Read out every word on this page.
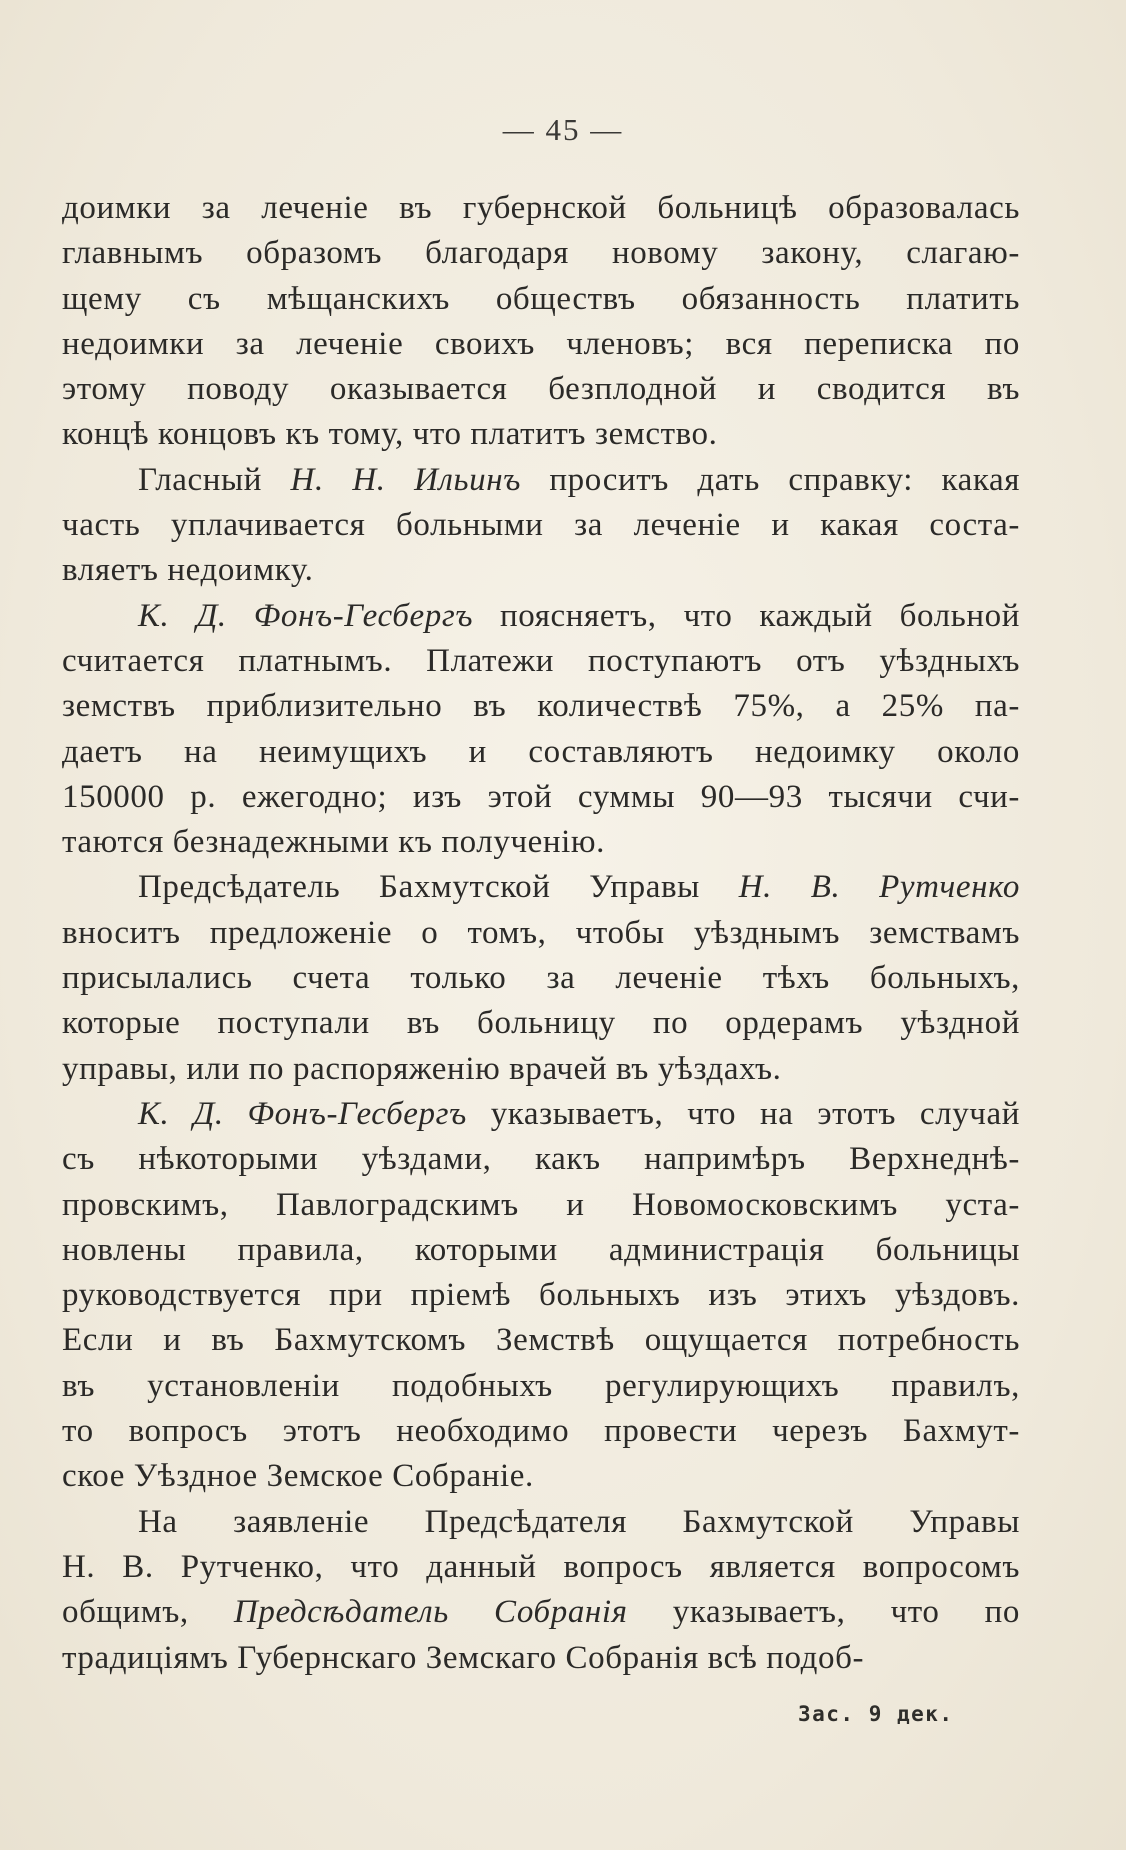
— 45 —
доимки за леченіе въ губернской больницѣ образовалась
главнымъ образомъ благодаря новому закону, слагаю-
щему съ мѣщанскихъ обществъ обязанность платить
недоимки за леченіе своихъ членовъ; вся переписка по
этому поводу оказывается безплодной и сводится въ
концѣ концовъ къ тому, что платитъ земство.
Гласный Н. Н. Ильинъ проситъ дать справку: какая
часть уплачивается больными за леченіе и какая соста-
вляетъ недоимку.
К. Д. Фонъ-Гесбергъ поясняетъ, что каждый больной
считается платнымъ. Платежи поступаютъ отъ уѣздныхъ
земствъ приблизительно въ количествѣ 75%, а 25% па-
даетъ на неимущихъ и составляютъ недоимку около
150000 р. ежегодно; изъ этой суммы 90—93 тысячи счи-
таются безнадежными къ полученію.
Предсѣдатель Бахмутской Управы Н. В. Рутченко
вноситъ предложеніе о томъ, чтобы уѣзднымъ земствамъ
присылались счета только за леченіе тѣхъ больныхъ,
которые поступали въ больницу по ордерамъ уѣздной
управы, или по распоряженію врачей въ уѣздахъ.
К. Д. Фонъ-Гесбергъ указываетъ, что на этотъ случай
съ нѣкоторыми уѣздами, какъ напримѣръ Верхнеднѣ-
провскимъ, Павлоградскимъ и Новомосковскимъ уста-
новлены правила, которыми администрація больницы
руководствуется при пріемѣ больныхъ изъ этихъ уѣздовъ.
Если и въ Бахмутскомъ Земствѣ ощущается потребность
въ установленіи подобныхъ регулирующихъ правилъ,
то вопросъ этотъ необходимо провести черезъ Бахмут-
ское Уѣздное Земское Собраніе.
На заявленіе Предсѣдателя Бахмутской Управы
Н. В. Рутченко, что данный вопросъ является вопросомъ
общимъ, Предсѣдатель Собранія указываетъ, что по
традиціямъ Губернскаго Земскаго Собранія всѣ подоб-
Зас. 9 дек.
